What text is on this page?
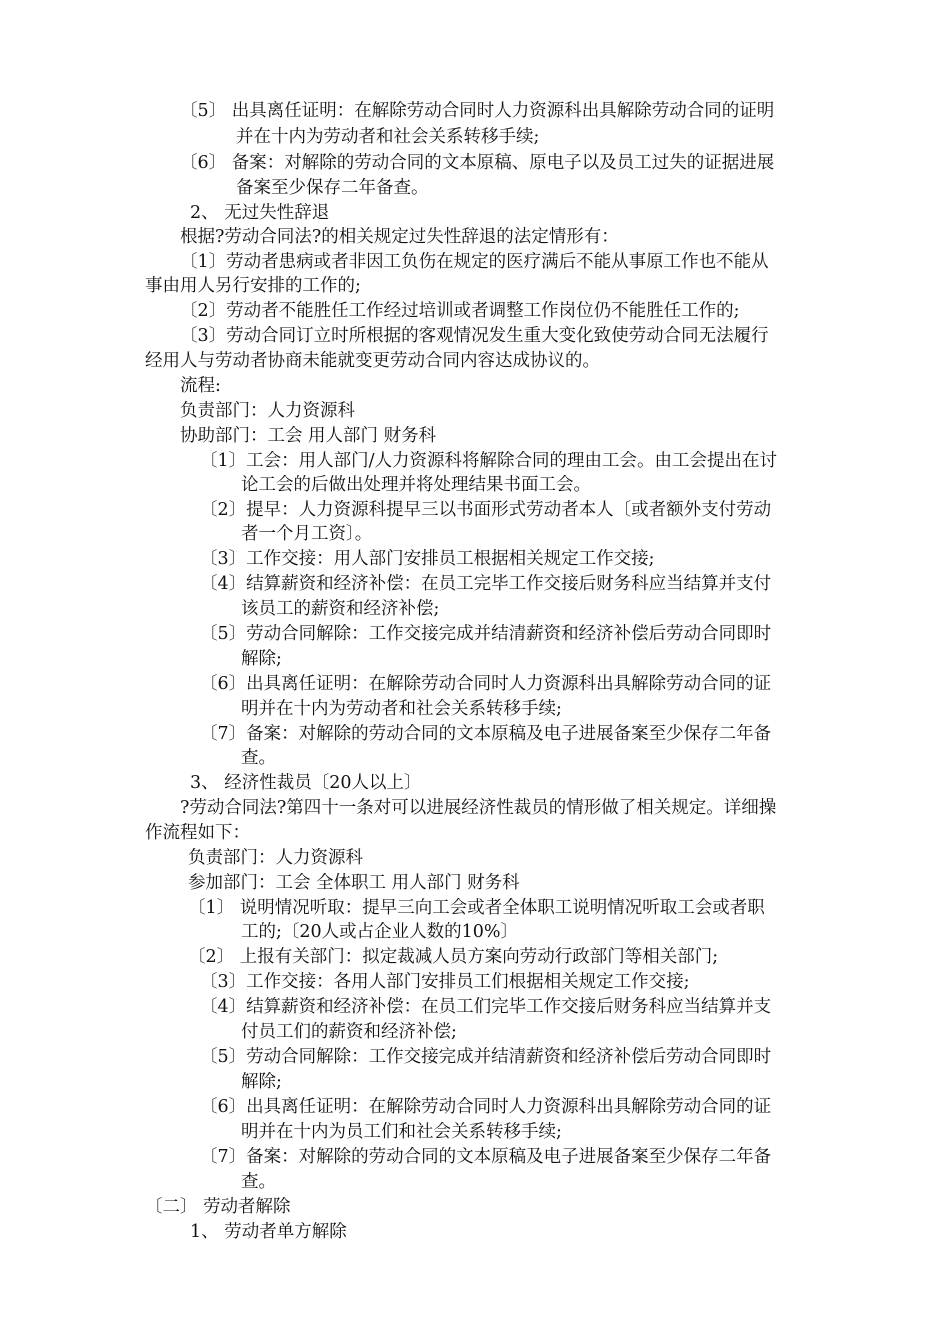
〔5〕 出具离任证明：在解除劳动合同时人力资源科出具解除劳动合同的证明
并在十内为劳动者和社会关系转移手续;
〔6〕 备案：对解除的劳动合同的文本原稿、原电子以及员工过失的证据进展
备案至少保存二年备查。
2、 无过失性辞退
根据?劳动合同法?的相关规定过失性辞退的法定情形有：
〔1〕劳动者患病或者非因工负伤在规定的医疗满后不能从事原工作也不能从
事由用人另行安排的工作的;
〔2〕劳动者不能胜任工作经过培训或者调整工作岗位仍不能胜任工作的;
〔3〕劳动合同订立时所根据的客观情况发生重大变化致使劳动合同无法履行
经用人与劳动者协商未能就变更劳动合同内容达成协议的。
流程:
负责部门：人力资源科
协助部门：工会 用人部门 财务科
〔1〕工会：用人部门/人力资源科将解除合同的理由工会。由工会提出在讨
论工会的后做出处理并将处理结果书面工会。
〔2〕提早：人力资源科提早三以书面形式劳动者本人〔或者额外支付劳动
者一个月工资〕。
〔3〕工作交接：用人部门安排员工根据相关规定工作交接;
〔4〕结算薪资和经济补偿：在员工完毕工作交接后财务科应当结算并支付
该员工的薪资和经济补偿;
〔5〕劳动合同解除：工作交接完成并结清薪资和经济补偿后劳动合同即时
解除;
〔6〕出具离任证明：在解除劳动合同时人力资源科出具解除劳动合同的证
明并在十内为劳动者和社会关系转移手续;
〔7〕备案：对解除的劳动合同的文本原稿及电子进展备案至少保存二年备
查。
3、 经济性裁员〔20人以上〕
?劳动合同法?第四十一条对可以进展经济性裁员的情形做了相关规定。详细操
作流程如下：
负责部门：人力资源科
参加部门：工会 全体职工 用人部门 财务科
〔1〕 说明情况听取：提早三向工会或者全体职工说明情况听取工会或者职
工的;〔20人或占企业人数的10%〕
〔2〕 上报有关部门：拟定裁减人员方案向劳动行政部门等相关部门;
〔3〕工作交接：各用人部门安排员工们根据相关规定工作交接;
〔4〕结算薪资和经济补偿：在员工们完毕工作交接后财务科应当结算并支
付员工们的薪资和经济补偿;
〔5〕劳动合同解除：工作交接完成并结清薪资和经济补偿后劳动合同即时
解除;
〔6〕出具离任证明：在解除劳动合同时人力资源科出具解除劳动合同的证
明并在十内为员工们和社会关系转移手续;
〔7〕备案：对解除的劳动合同的文本原稿及电子进展备案至少保存二年备
查。
〔二〕 劳动者解除
1、 劳动者单方解除
